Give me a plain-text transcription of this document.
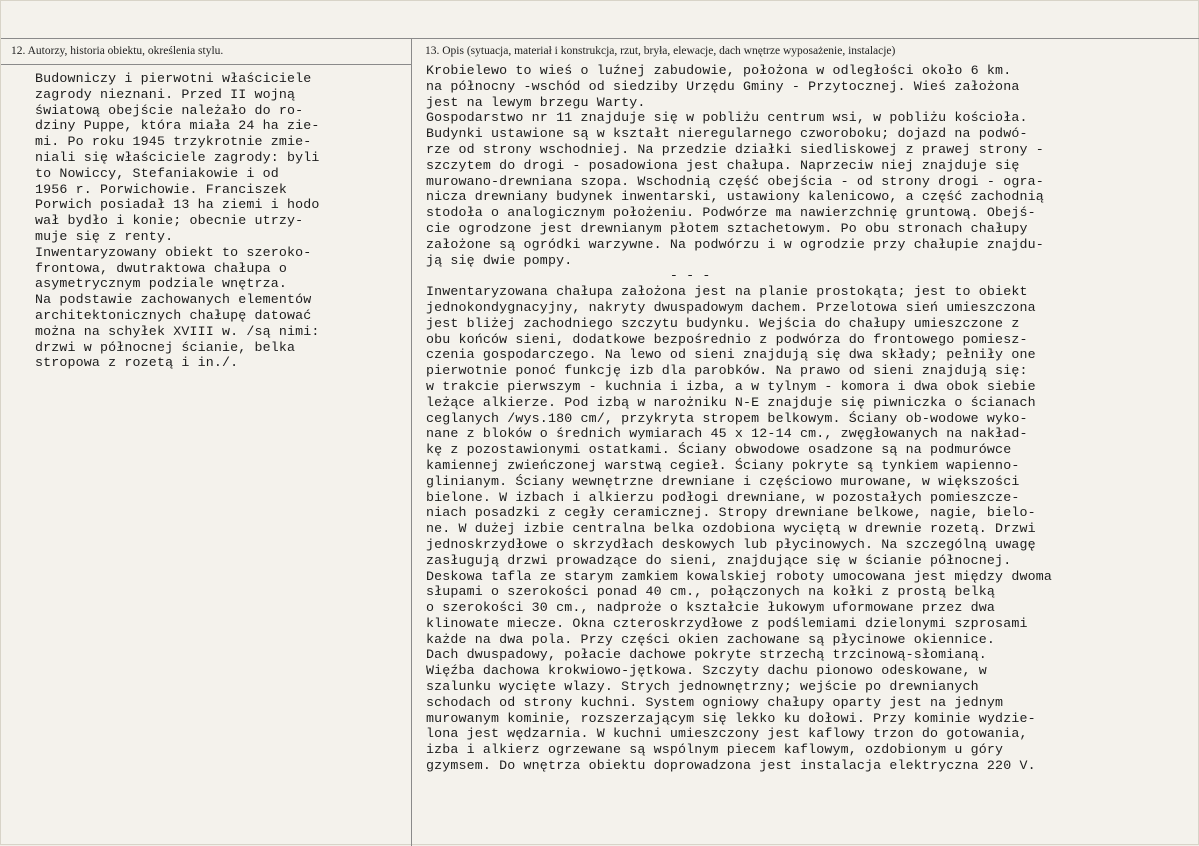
12. Autorzy, historia obiektu, określenia stylu.	13. Opis (sytuacja, materiał i konstrukcja, rzut, bryła, elewacje, dach wnętrze wyposażenie, instalacje)
Budowniczy i pierwotni właściciele
zagrody nieznani. Przed II wojną
światową obejście należało do ro-
dziny Puppe, która miała 24 ha zie-
mi. Po roku 1945 trzykrotnie zmie-
niali się właściciele zagrody: byli
to Nowiccy, Stefaniakowie i od
1956 r. Porwichowie. Franciszek
Porwich posiadał 13 ha ziemi i hodo
wał bydło i konie; obecnie utrzy-
muje się z renty.
Inwentaryzowany obiekt to szeroko-
frontowa, dwutraktowa chałupa o
asymetrycznym podziale wnętrza.
Na podstawie zachowanych elementów
architektonicznych chałupę datować
można na schyłek XVIII w. /są nimi:
drzwi w północnej ścianie, belka
stropowa z rozetą i in./.
Krobielewo to wieś o luźnej zabudowie, położona w odległości około 6 km.
na północny -wschód od siedziby Urzędu Gminy - Przytocznej. Wieś założona
jest na lewym brzegu Warty.
Gospodarstwo nr 11 znajduje się w pobliżu centrum wsi, w pobliżu kościoła.
Budynki ustawione są w kształt nieregularnego czworoboku; dojazd na podwó-
rze od strony wschodniej. Na przedzie działki siedliskowej z prawej strony -
szczytem do drogi - posadowiona jest chałupa. Naprzeciw niej znajduje się
murowano-drewniana szopa. Wschodnią część obejścia - od strony drogi - ogra-
nicza drewniany budynek inwentarski, ustawiony kalenicowo, a część zachodnią
stodoła o analogicznym położeniu. Podwórze ma nawierzchnię gruntową. Obejś-
cie ogrodzone jest drewnianym płotem sztachetowym. Po obu stronach chałupy
założone są ogródki warzywne. Na podwórzu i w ogrodzie przy chałupie znajdu-
ją się dwie pompy.
- - -
Inwentaryzowana chałupa założona jest na planie prostokąta; jest to obiekt
jednokondygnacyjny, nakryty dwuspadowym dachem. Przelotowa sień umieszczona
jest bliżej zachodniego szczytu budynku. Wejścia do chałupy umieszczone z
obu końców sieni, dodatkowe bezpośrednio z podwórza do frontowego pomiesz-
czenia gospodarczego. Na lewo od sieni znajdują się dwa składy; pełniły one
pierwotnie ponoć funkcję izb dla parobków. Na prawo od sieni znajdują się:
w trakcie pierwszym - kuchnia i izba, a w tylnym - komora i dwa obok siebie
leżące alkierze. Pod izbą w narożniku N-E znajduje się piwniczka o ścianach
ceglanych /wys.180 cm/, przykryta stropem belkowym. Ściany ob-wodowe wyko-
nane z bloków o średnich wymiarach 45 x 12-14 cm., zwęgłowanych na nakład-
kę z pozostawionymi ostatkami. Ściany obwodowe osadzone są na podmurówce
kamiennej zwieńczonej warstwą cegieł. Ściany pokryte są tynkiem wapienno-
glinianym. Ściany wewnętrzne drewniane i częściowo murowane, w większości
bielone. W izbach i alkierzu podłogi drewniane, w pozostałych pomieszcze-
niach posadzki z cegły ceramicznej. Stropy drewniane belkowe, nagie, bielo-
ne. W dużej izbie centralna belka ozdobiona wyciętą w drewnie rozetą. Drzwi
jednoskrzydłowe o skrzydłach deskowych lub płycinowych. Na szczególną uwagę
zasługują drzwi prowadzące do sieni, znajdujące się w ścianie północnej.
Deskowa tafla ze starym zamkiem kowalskiej roboty umocowana jest między dwoma
słupami o szerokości ponad 40 cm., połączonych na kołki z prostą belką
o szerokości 30 cm., nadproże o kształcie łukowym uformowane przez dwa
klinowate miecze. Okna czteroskrzydłowe z podślemiami dzielonymi szprosami
każde na dwa pola. Przy części okien zachowane są płycinowe okiennice.
Dach dwuspadowy, połacie dachowe pokryte strzechą trzcinową-słomianą.
Więźba dachowa krokwiowo-jętkowa. Szczyty dachu pionowo odeskowane, w
szalunku wycięte wlazy. Strych jednownętrzny; wejście po drewnianych
schodach od strony kuchni. System ogniowy chałupy oparty jest na jednym
murowanym kominie, rozszerzającym się lekko ku dołowi. Przy kominie wydzie-
lona jest wędzarnia. W kuchni umieszczony jest kaflowy trzon do gotowania,
izba i alkierz ogrzewane są wspólnym piecem kaflowym, ozdobionym u góry
gzymsem. Do wnętrza obiektu doprowadzona jest instalacja elektryczna 220 V.
